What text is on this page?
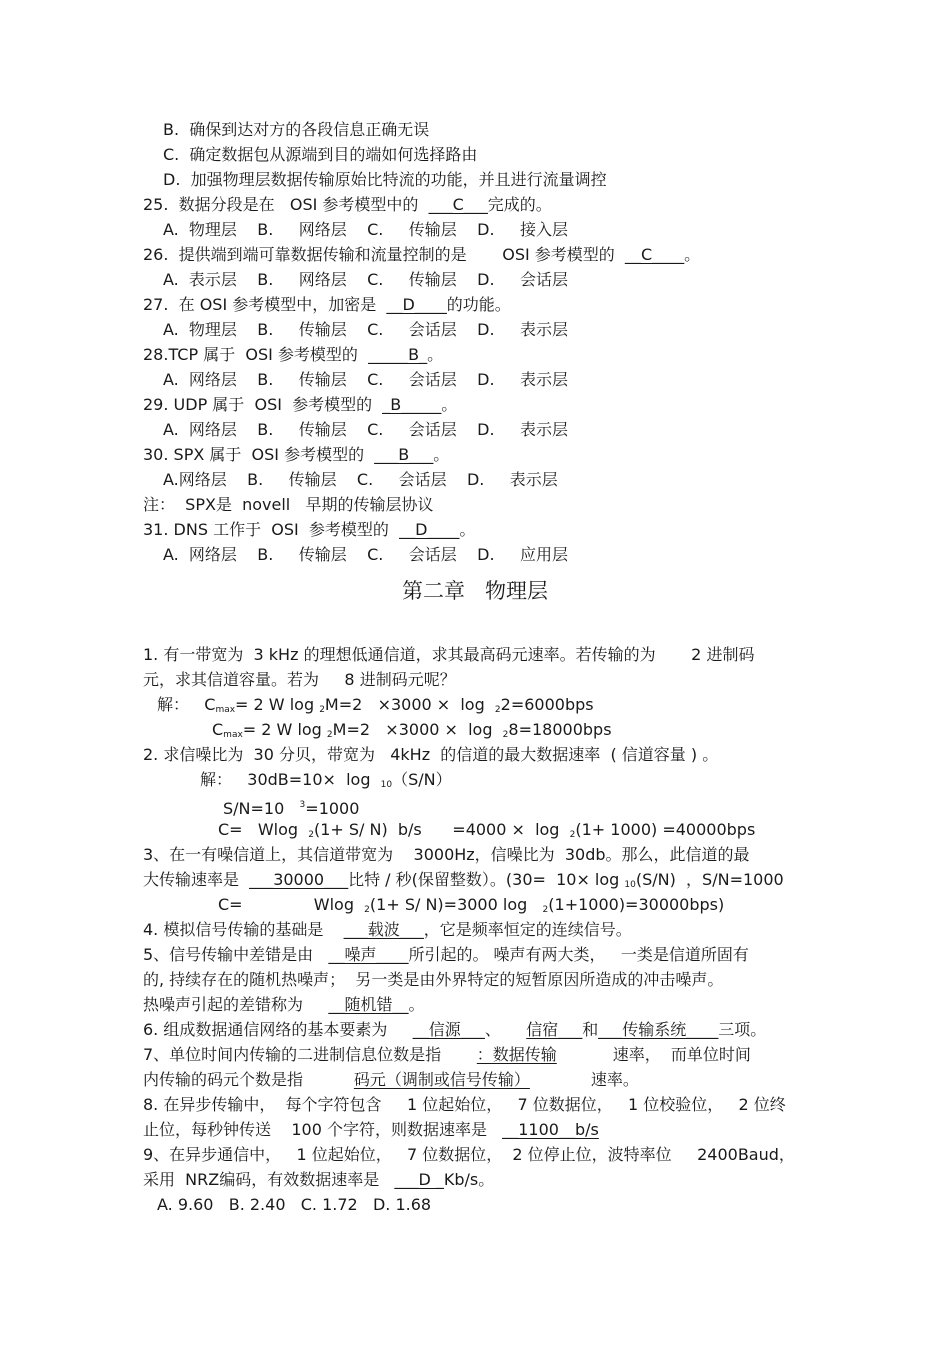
B.  确保到达对方的各段信息正确无误
C.  确定数据包从源端到目的端如何选择路由
D.  加强物理层数据传输原始比特流的功能，并且进行流量调控
25.  数据分段是在   OSI 参考模型中的  ___C___完成的。
A.  物理层    B.     网络层    C.     传输层    D.     接入层
26.  提供端到端可靠数据传输和流量控制的是       OSI 参考模型的  __C____。
A.  表示层    B.     网络层    C.     传输层    D.     会话层
27.  在 OSI 参考模型中，加密是  __D____的功能。
A.  物理层    B.     传输层    C.     会话层    D.     表示层
28.TCP 属于  OSI 参考模型的  _____B_。
A.  网络层    B.     传输层    C.     会话层    D.     表示层
29. UDP 属于  OSI  参考模型的  _B_____。
A.  网络层    B.     传输层    C.     会话层    D.     表示层
30. SPX 属于  OSI 参考模型的  ___B___。
A.网络层    B.     传输层    C.     会话层    D.     表示层
注：  SPX是  novell   早期的传输层协议
31. DNS 工作于  OSI  参考模型的  __D____。
A.  网络层    B.     传输层    C.     会话层    D.     应用层
第二章   物理层
1. 有一带宽为  3 kHz 的理想低通信道，求其最高码元速率。若传输的为       2 进制码
元，求其信道容量。若为     8 进制码元呢？
解：   $C_{max}= 2$ W log $_2$M=2   ×3000 ×  log  $_2$2=6000bps
$C_{max}= 2$ W log $_2$M=2   ×3000 ×  log  $_2$8=18000bps
2. 求信噪比为  30 分贝，带宽为   4kHz  的信道的最大数据速率  ( 信道容量 ) 。
解：   30dB=10×  log  $_{10}$（S/N）
S/N=10   $^3$=1000
C=   Wlog  $_2$(1+ S/ N)  b/s      =4000 ×  log  $_2$(1+ 1000) =40000bps
3、在一有噪信道上，其信道带宽为    3000Hz，信噪比为  30db。那么，此信道的最
大传输速率是  ___30000___比特 / 秒(保留整数）。(30=  10× log $_{10}$(S/N)  ，S/N=1000
C=              Wlog  $_2$(1+ S/ N)=3000 log   $_2$(1+1000)=30000bps)
4. 模拟信号传输的基础是    ___载波___，它是频率恒定的连续信号。
5、信号传输中差错是由   __噪声____所引起的。 噪声有两大类，   一类是信道所固有
的, 持续存在的随机热噪声；  另一类是由外界特定的短暂原因所造成的冲击噪声。
热噪声引起的差错称为     __随机错__。
6. 组成数据通信网络的基本要素为     __信源___、     信宿___和___传输系统____三项。
7、单位时间内传输的二进制信息位数是指       ：数据传输           速率，  而单位时间
内传输的码元个数是指          码元（调制或信号传输）            速率。
8. 在异步传输中，  每个字符包含     1 位起始位，   7 位数据位，   1 位校验位，   2 位终
止位，每秒钟传送    100 个字符，则数据速率是   __1100__b/s
9、在异步通信中，   1 位起始位，   7 位数据位，  2 位停止位，波特率位     2400Baud，
采用  NRZ编码，有效数据速率是   ___D _Kb/s。
A. 9.60   B. 2.40   C. 1.72   D. 1.68
